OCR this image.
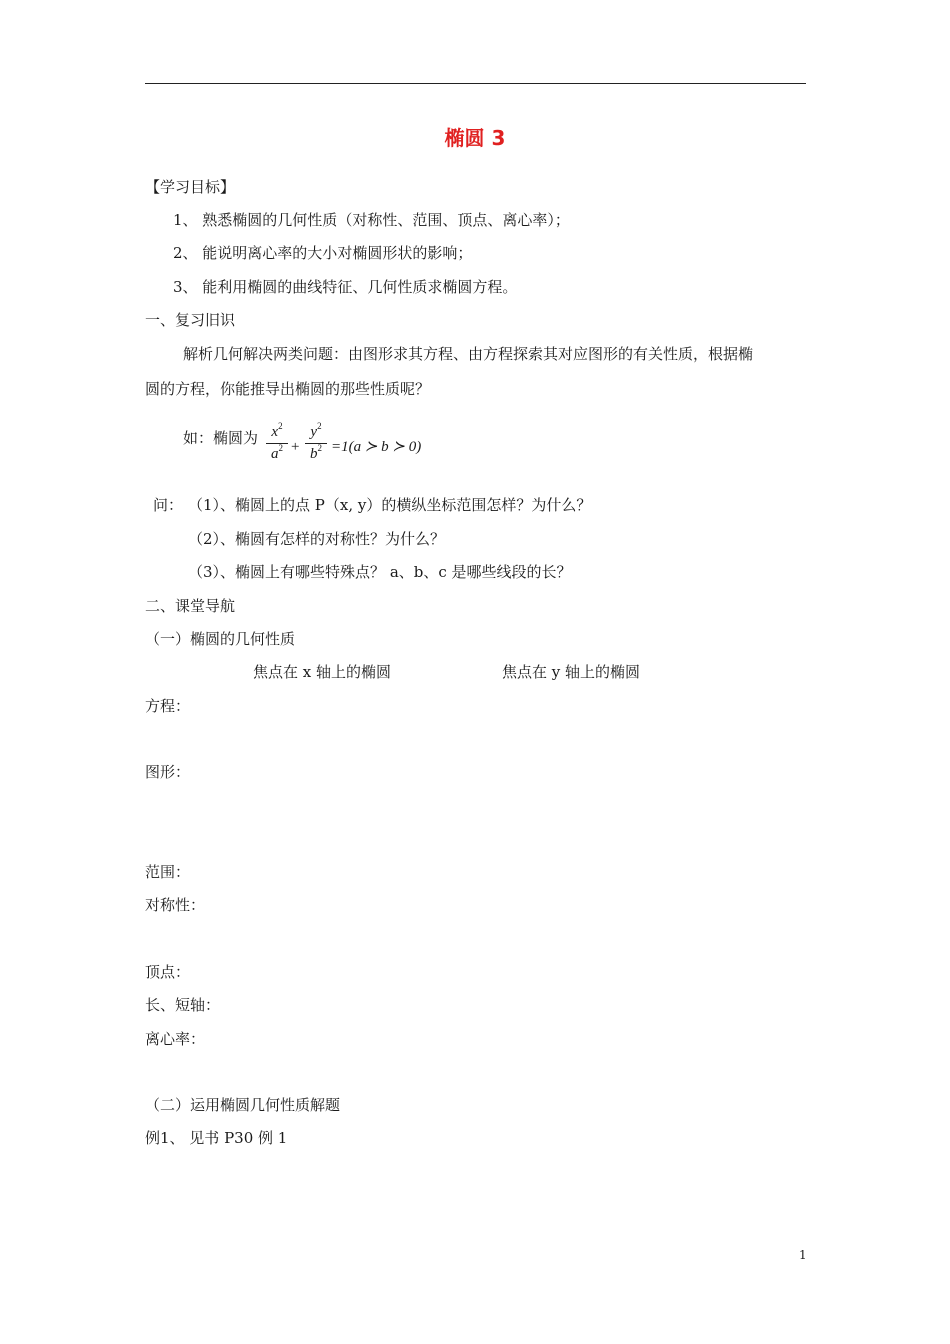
椭圆 3
【学习目标】
1、 熟悉椭圆的几何性质（对称性、范围、顶点、离心率）；
2、 能说明离心率的大小对椭圆形状的影响；
3、 能利用椭圆的曲线特征、几何性质求椭圆方程。
一、复习旧识
解析几何解决两类问题：由图形求其方程、由方程探索其对应图形的有关性质，根据椭
圆的方程，你能推导出椭圆的那些性质呢？
如：椭圆为 $x^2$
$a^2$ +
$y^2$
$b^2 =1(a$ ≻ b ≻ 0)
问： （1）、椭圆上的点 P（x, y）的横纵坐标范围怎样？为什么？
（2）、椭圆有怎样的对称性？为什么？
（3）、椭圆上有哪些特殊点？ a、b、c 是哪些线段的长？
二、课堂导航
（一）椭圆的几何性质
焦点在 x 轴上的椭圆	焦点在 y 轴上的椭圆
方程：
图形：
范围：
对称性：
顶点：
长、短轴：
离心率：
（二）运用椭圆几何性质解题
例1、 见书 P30 例 1
1
